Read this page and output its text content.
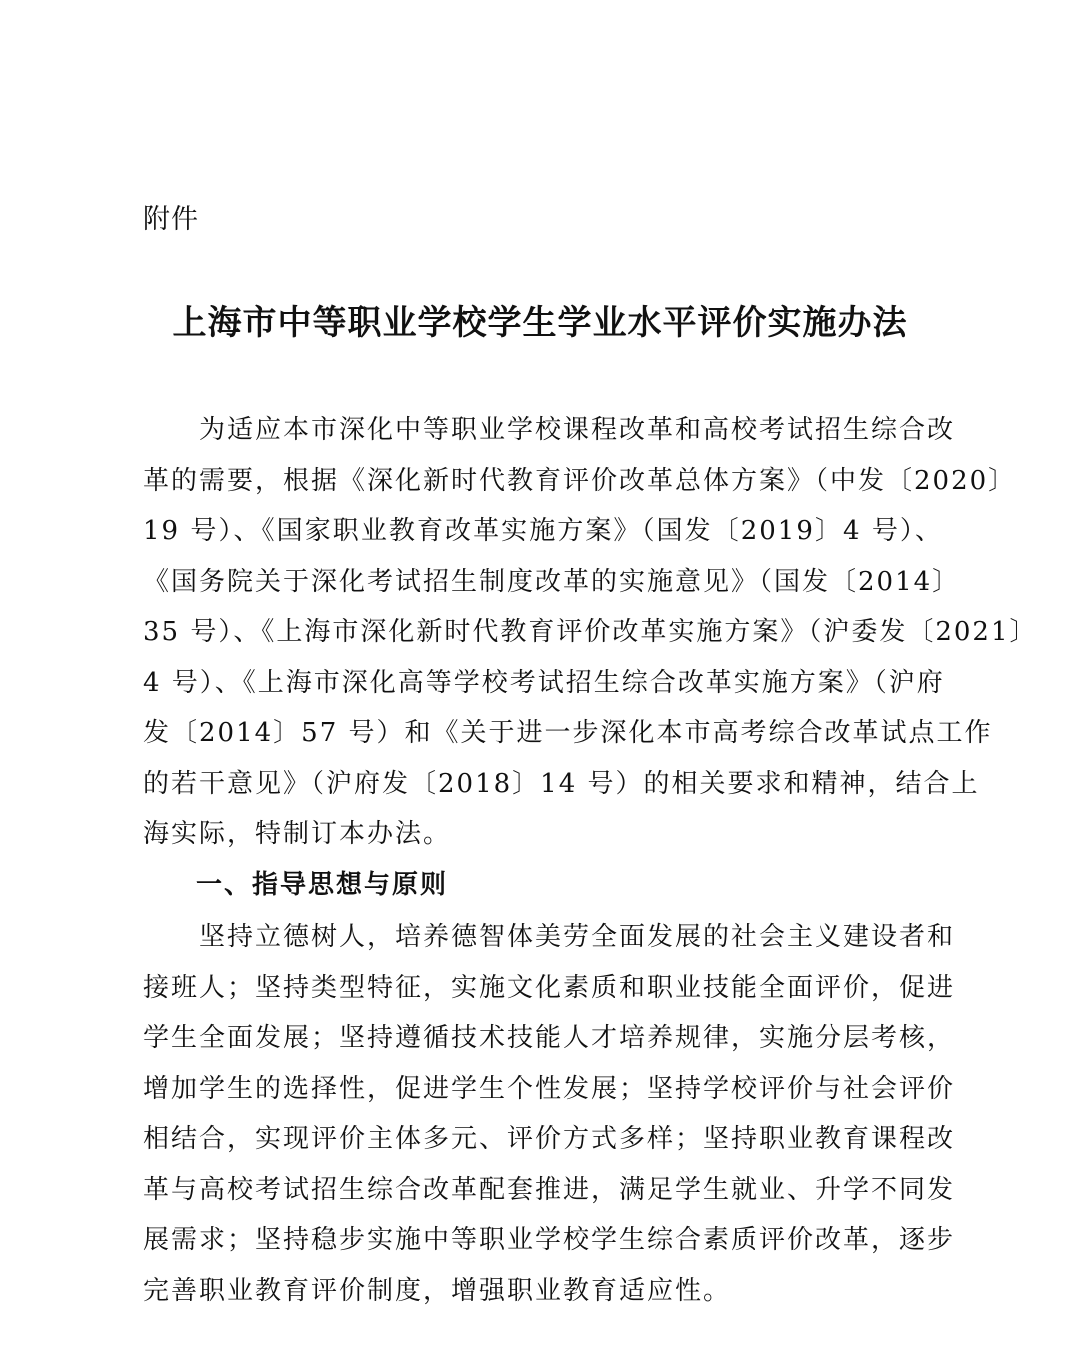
附件
上海市中等职业学校学生学业水平评价实施办法
为适应本市深化中等职业学校课程改革和高校考试招生综合改
革的需要，根据《深化新时代教育评价改革总体方案》（中发〔2020〕
19 号）、《国家职业教育改革实施方案》（国发〔2019〕4 号）、
《国务院关于深化考试招生制度改革的实施意见》（国发〔2014〕
35 号）、《上海市深化新时代教育评价改革实施方案》（沪委发〔2021〕
4 号）、《上海市深化高等学校考试招生综合改革实施方案》（沪府
发〔2014〕57 号）和《关于进一步深化本市高考综合改革试点工作
的若干意见》（沪府发〔2018〕14 号）的相关要求和精神，结合上
海实际，特制订本办法。
一、指导思想与原则
坚持立德树人，培养德智体美劳全面发展的社会主义建设者和
接班人；坚持类型特征，实施文化素质和职业技能全面评价，促进
学生全面发展；坚持遵循技术技能人才培养规律，实施分层考核，
增加学生的选择性，促进学生个性发展；坚持学校评价与社会评价
相结合，实现评价主体多元、评价方式多样；坚持职业教育课程改
革与高校考试招生综合改革配套推进，满足学生就业、升学不同发
展需求；坚持稳步实施中等职业学校学生综合素质评价改革，逐步
完善职业教育评价制度，增强职业教育适应性。
